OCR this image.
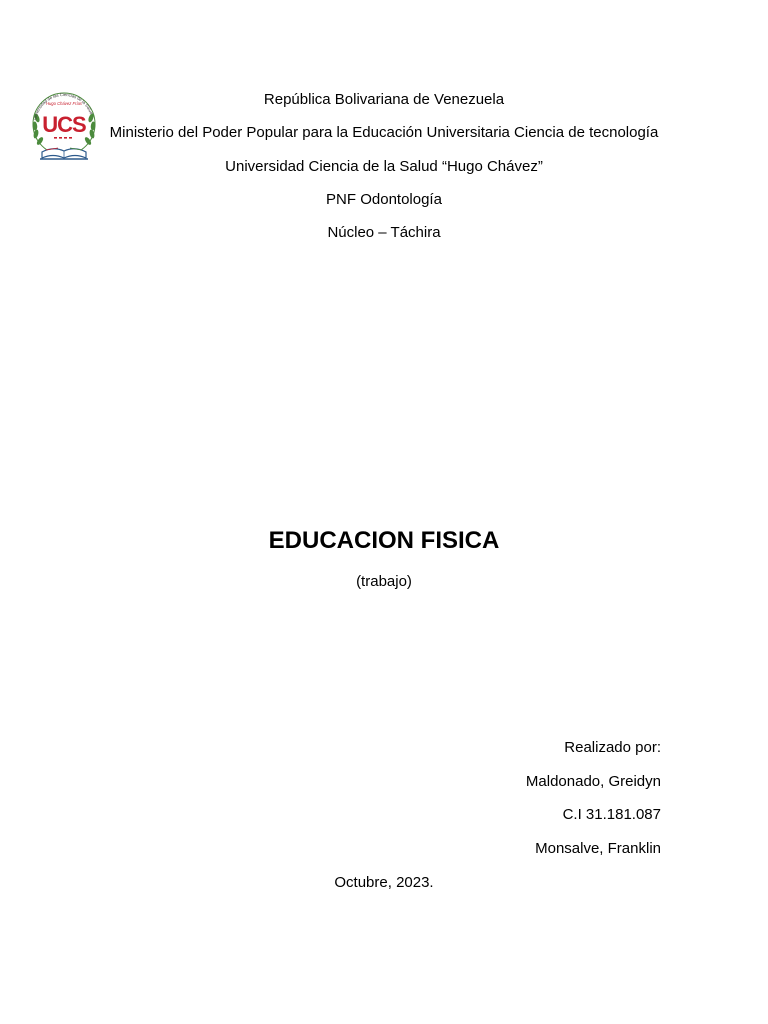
Universidad de las Ciencias de la Salud
Hugo Chávez Frías
UCS
República Bolivariana de Venezuela
Ministerio del Poder Popular para la Educación Universitaria Ciencia de tecnología
Universidad Ciencia de la Salud “Hugo Chávez”
PNF Odontología
Núcleo – Táchira
EDUCACION FISICA
(trabajo)
Realizado por:
Maldonado, Greidyn
C.I 31.181.087
Monsalve, Franklin
Octubre, 2023.
